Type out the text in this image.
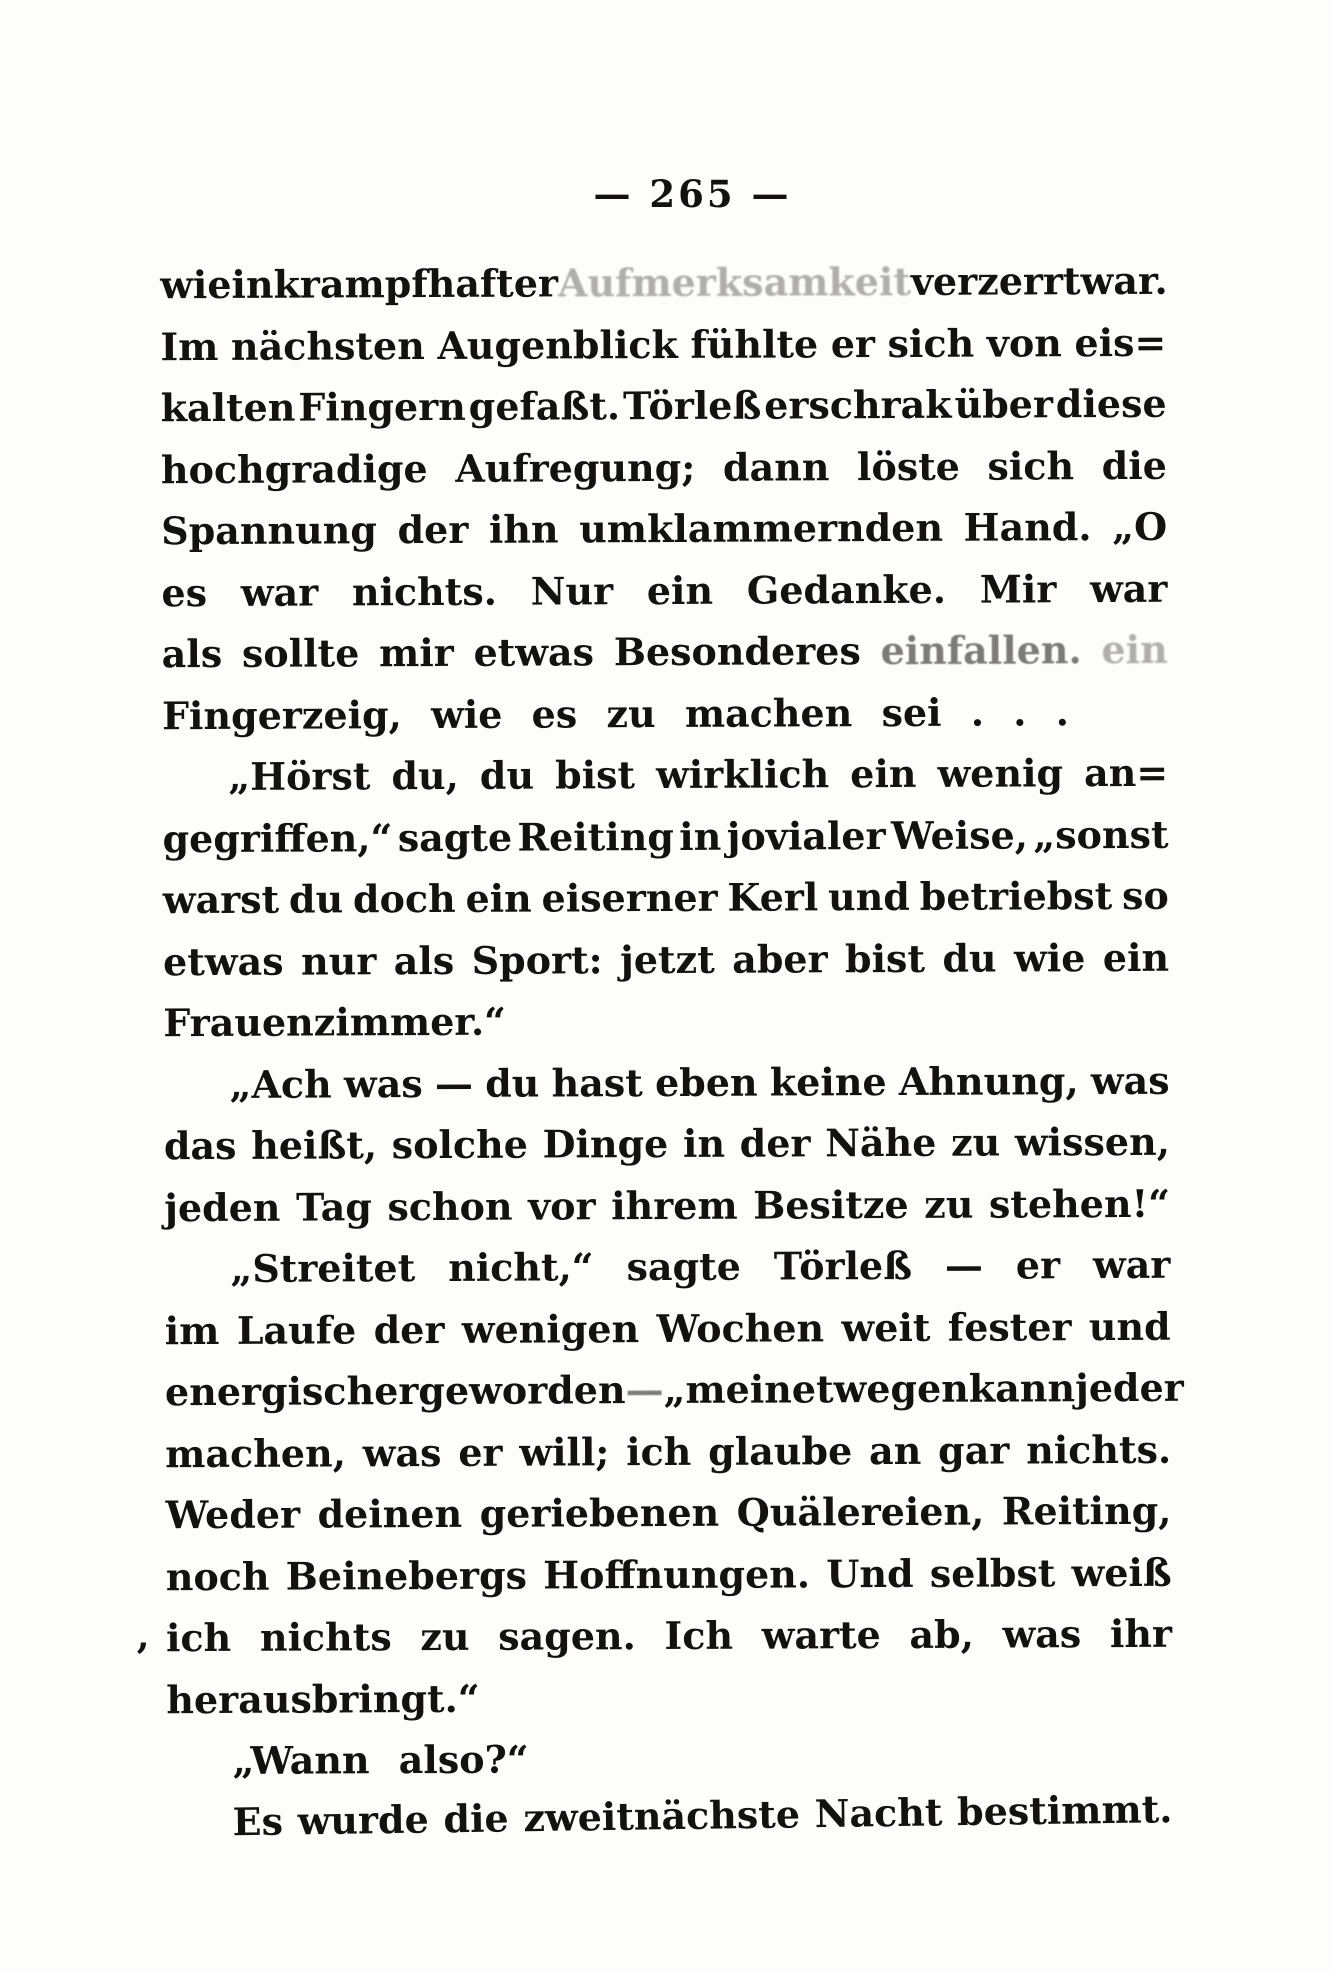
— 265 —
‚
wie in krampfhafter Aufmerksamkeit verzerrt war.
Im nächsten Augenblick fühlte er sich von eis=
kalten Fingern gefaßt. Törleß erschrak über diese
hochgradige Aufregung; dann löste sich die
Spannung der ihn umklammernden Hand. „O
es war nichts. Nur ein Gedanke. Mir war
als sollte mir etwas Besonderes einfallen. ein
Fingerzeig, wie es zu machen sei . . .
„Hörst du, du bist wirklich ein wenig an=
gegriffen,“ sagte Reiting in jovialer Weise, „sonst
warst du doch ein eiserner Kerl und betriebst so
etwas nur als Sport: jetzt aber bist du wie ein
Frauenzimmer.“
„Ach was — du hast eben keine Ahnung, was
das heißt, solche Dinge in der Nähe zu wissen,
jeden Tag schon vor ihrem Besitze zu stehen!“
„Streitet nicht,“ sagte Törleß — er war
im Laufe der wenigen Wochen weit fester und
energischer geworden — „meinetwegen kann jeder
machen, was er will; ich glaube an gar nichts.
Weder deinen geriebenen Quälereien, Reiting,
noch Beinebergs Hoffnungen. Und selbst weiß
ich nichts zu sagen. Ich warte ab, was ihr
herausbringt.“
„Wann also?“
Es wurde die zweitnächste Nacht bestimmt.
